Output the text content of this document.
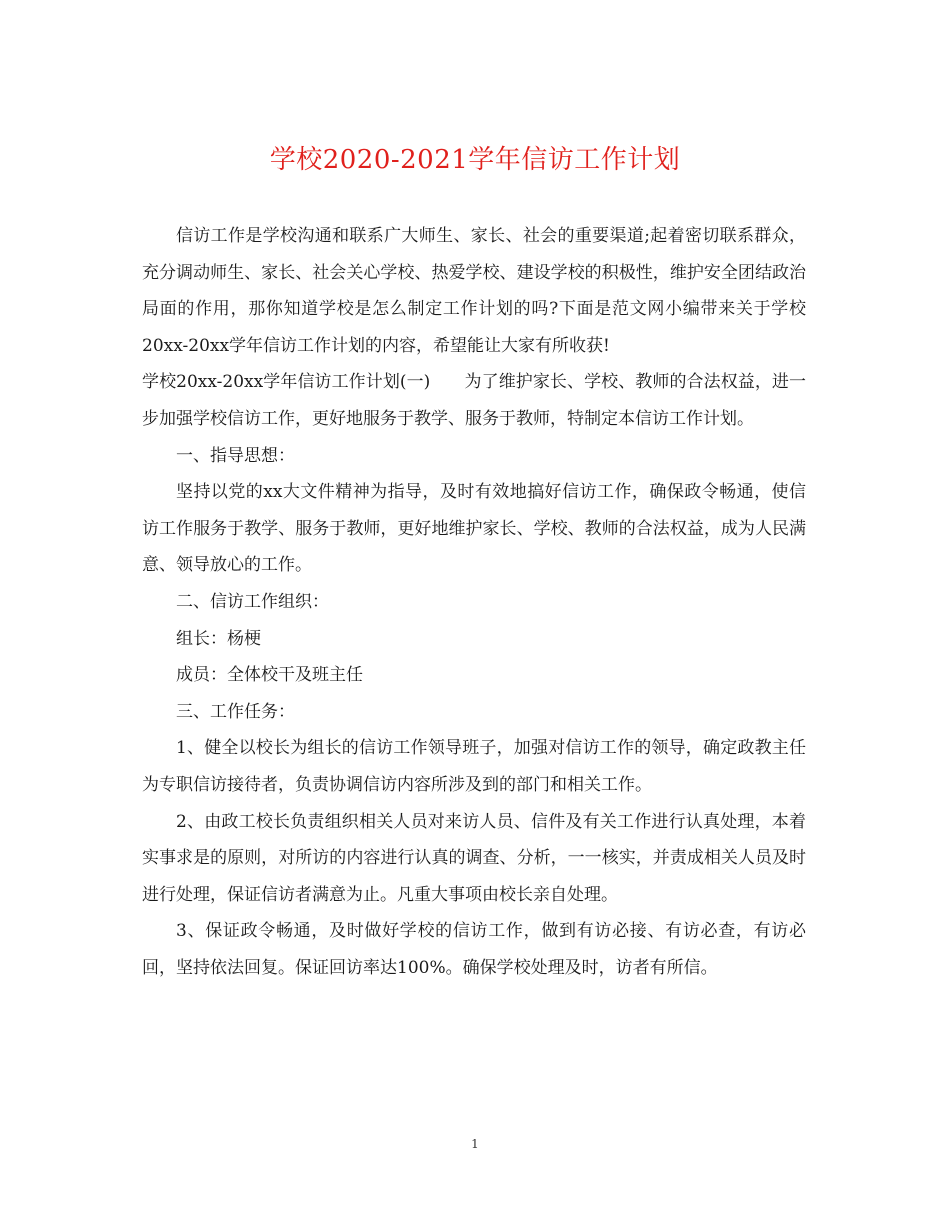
学校2020-2021学年信访工作计划

信访工作是学校沟通和联系广大师生、家长、社会的重要渠道;起着密切联系群众，充分调动师生、家长、社会关心学校、热爱学校、建设学校的积极性，维护安全团结政治局面的作用，那你知道学校是怎么制定工作计划的吗?下面是范文网小编带来关于学校20xx-20xx学年信访工作计划的内容，希望能让大家有所收获!

学校20xx-20xx学年信访工作计划(一)　　为了维护家长、学校、教师的合法权益，进一步加强学校信访工作，更好地服务于教学、服务于教师，特制定本信访工作计划。

一、指导思想：

坚持以党的xx大文件精神为指导，及时有效地搞好信访工作，确保政令畅通，使信访工作服务于教学、服务于教师，更好地维护家长、学校、教师的合法权益，成为人民满意、领导放心的工作。

二、信访工作组织：

组长：杨梗

成员：全体校干及班主任

三、工作任务：

1、健全以校长为组长的信访工作领导班子，加强对信访工作的领导，确定政教主任为专职信访接待者，负责协调信访内容所涉及到的部门和相关工作。

2、由政工校长负责组织相关人员对来访人员、信件及有关工作进行认真处理，本着实事求是的原则，对所访的内容进行认真的调查、分析，一一核实，并责成相关人员及时进行处理，保证信访者满意为止。凡重大事项由校长亲自处理。

3、保证政令畅通，及时做好学校的信访工作，做到有访必接、有访必查，有访必回，坚持依法回复。保证回访率达100%。确保学校处理及时，访者有所信。

1
